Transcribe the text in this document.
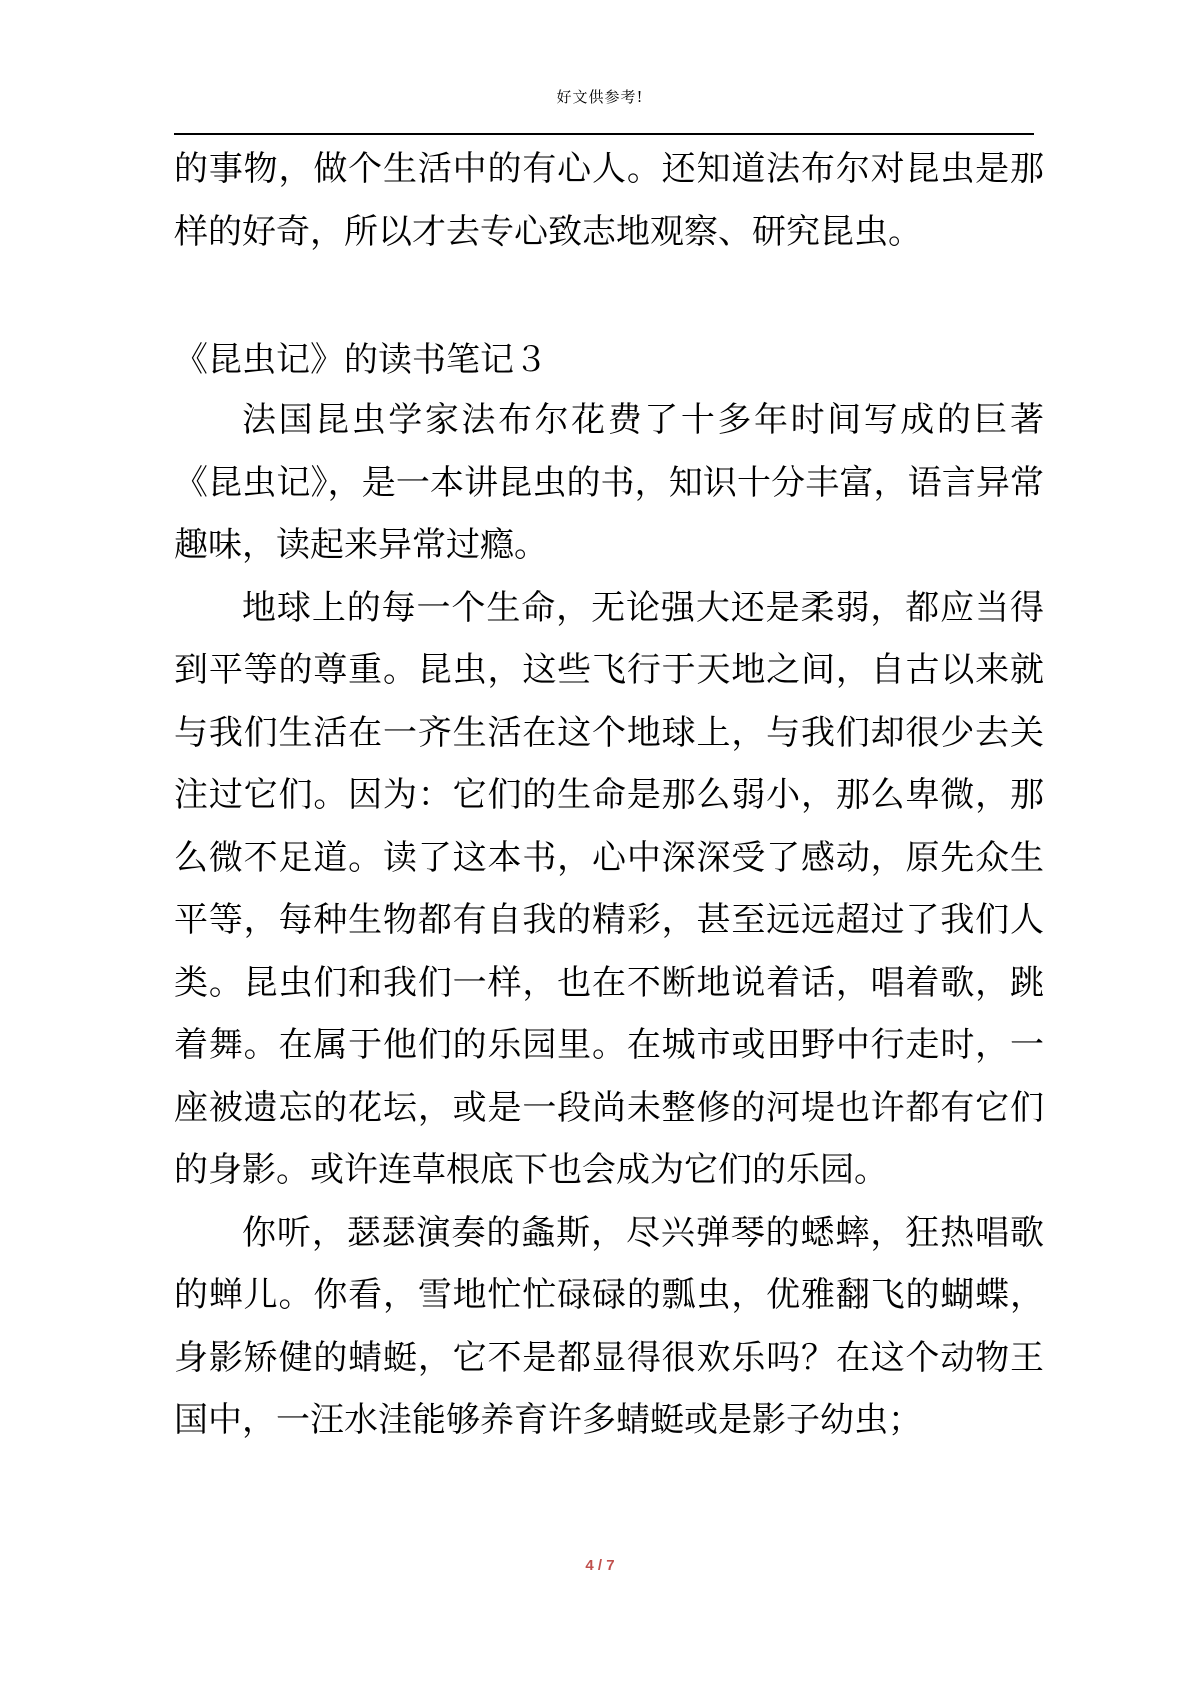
好文供参考!

的事物，做个生活中的有心人。还知道法布尔对昆虫是那样的好奇，所以才去专心致志地观察、研究昆虫。

《昆虫记》的读书笔记３

法国昆虫学家法布尔花费了十多年时间写成的巨著《昆虫记》，是一本讲昆虫的书，知识十分丰富，语言异常趣味，读起来异常过瘾。

地球上的每一个生命，无论强大还是柔弱，都应当得到平等的尊重。昆虫，这些飞行于天地之间，自古以来就与我们生活在一齐生活在这个地球上，与我们却很少去关注过它们。因为：它们的生命是那么弱小，那么卑微，那么微不足道。读了这本书，心中深深受了感动，原先众生平等，每种生物都有自我的精彩，甚至远远超过了我们人类。昆虫们和我们一样，也在不断地说着话，唱着歌，跳着舞。在属于他们的乐园里。在城市或田野中行走时，一座被遗忘的花坛，或是一段尚未整修的河堤也许都有它们的身影。或许连草根底下也会成为它们的乐园。

你听，瑟瑟演奏的螽斯，尽兴弹琴的蟋蟀，狂热唱歌的蝉儿。你看，雪地忙忙碌碌的瓢虫，优雅翻飞的蝴蝶，身影矫健的蜻蜓，它不是都显得很欢乐吗？在这个动物王国中，一汪水洼能够养育许多蜻蜓或是影子幼虫；

4 / 7
